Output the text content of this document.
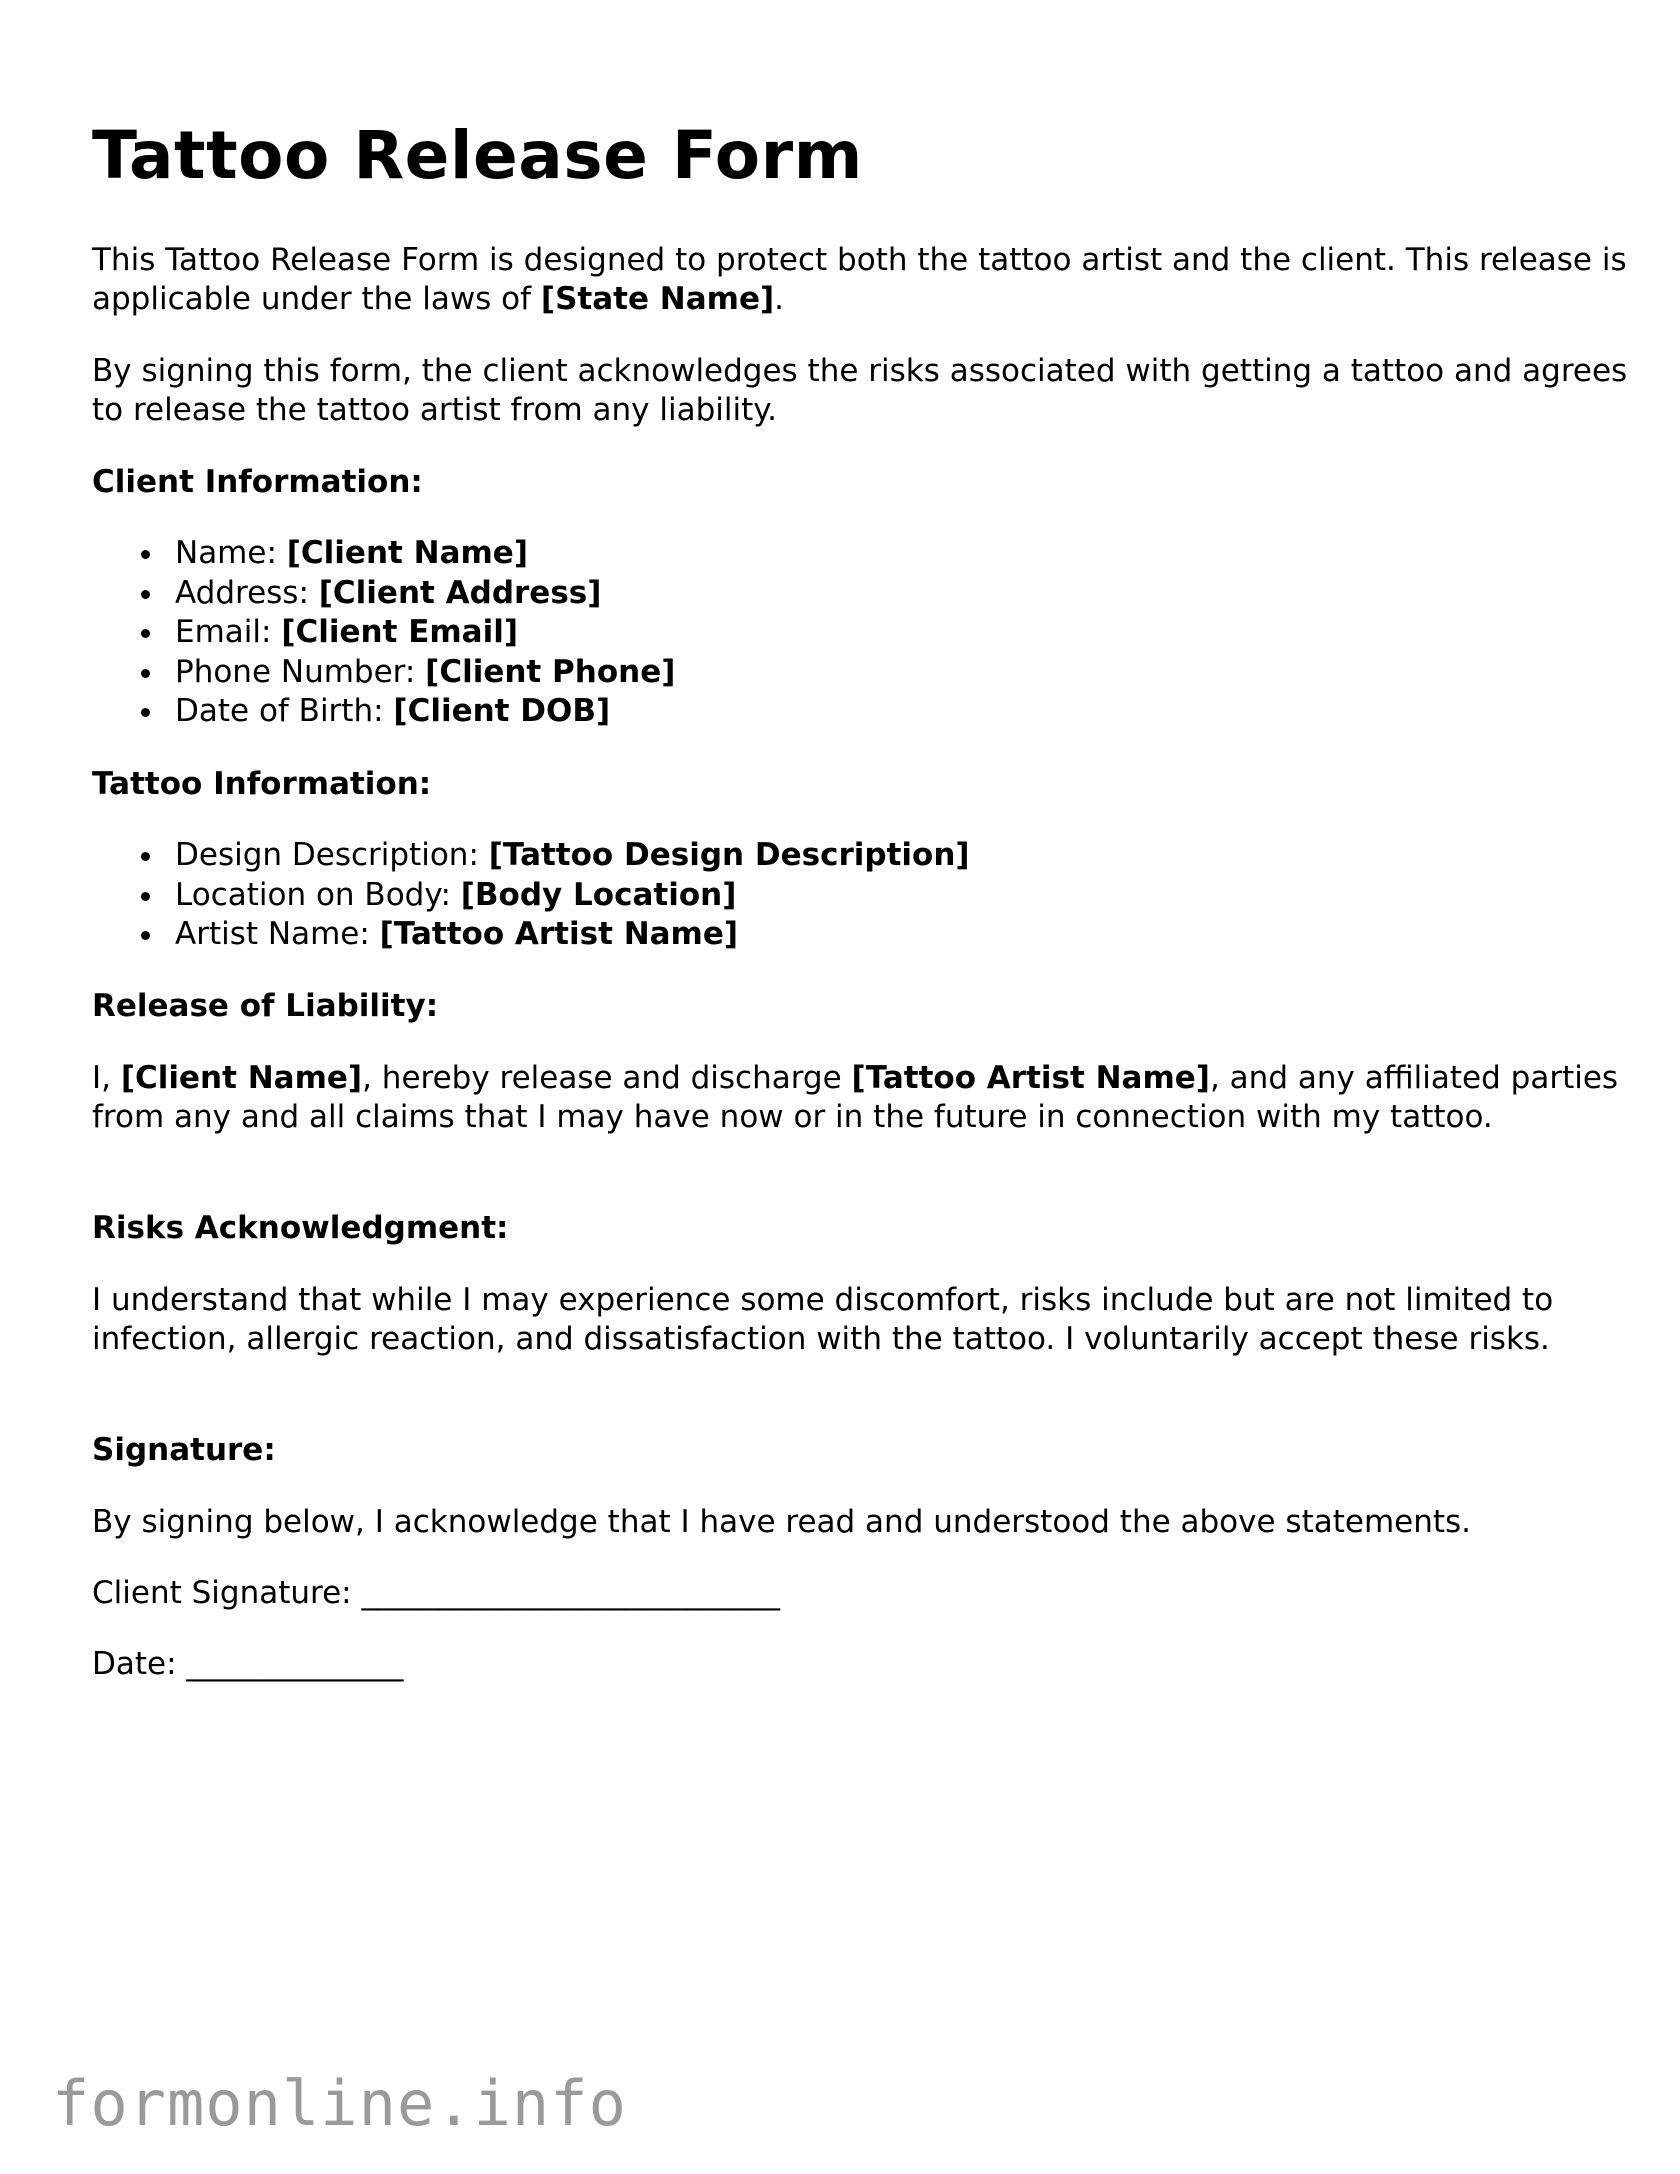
Tattoo Release Form

This Tattoo Release Form is designed to protect both the tattoo artist and the client. This release is applicable under the laws of [State Name].

By signing this form, the client acknowledges the risks associated with getting a tattoo and agrees to release the tattoo artist from any liability.

Client Information:

Name: [Client Name]
Address: [Client Address]
Email: [Client Email]
Phone Number: [Client Phone]
Date of Birth: [Client DOB]

Tattoo Information:

Design Description: [Tattoo Design Description]
Location on Body: [Body Location]
Artist Name: [Tattoo Artist Name]

Release of Liability:

I, [Client Name], hereby release and discharge [Tattoo Artist Name], and any affiliated parties from any and all claims that I may have now or in the future in connection with my tattoo.

Risks Acknowledgment:

I understand that while I may experience some discomfort, risks include but are not limited to infection, allergic reaction, and dissatisfaction with the tattoo. I voluntarily accept these risks.

Signature:

By signing below, I acknowledge that I have read and understood the above statements.

Client Signature: ___________________________

Date: ______________

formonline.info
